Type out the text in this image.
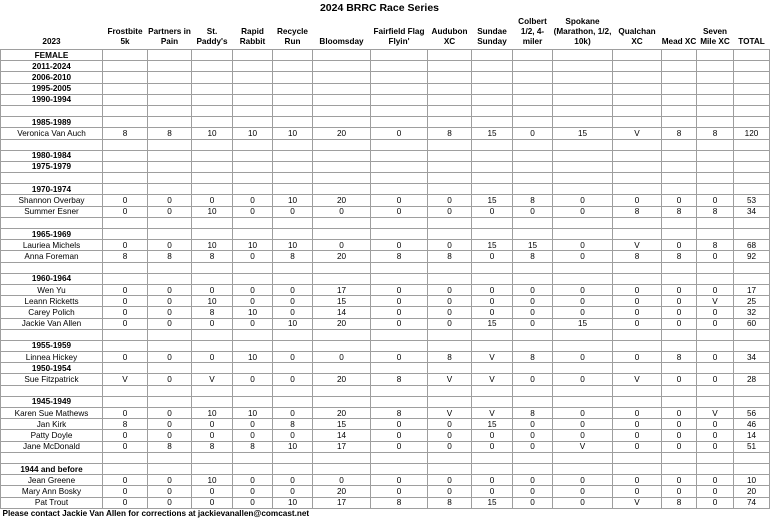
2024 BRRC Race Series
2023	Frostbite 5k	Partners in Pain	St. Paddy's	Rapid Rabbit	Recycle Run	Bloomsday	Fairfield Flag Flyin'	Audubon XC	Sundae Sunday	Colbert 1/2, 4-miler	Spokane (Marathon, 1/2, 10k)	Qualchan XC	Mead XC	Seven Mile XC	TOTAL
FEMALE															
2011-2024															
2006-2010															
1995-2005															
1990-1994															

1985-1989															
Veronica Van Auch	8	8	10	10	10	20	0	8	15	0	15	V	8	8	120

1980-1984															
1975-1979															

1970-1974															
Shannon Overbay	0	0	0	0	10	20	0	0	15	8	0	0	0	0	53
Summer Esner	0	0	10	0	0	0	0	0	0	0	0	8	8	8	34

1965-1969															
Lauriea Michels	0	0	10	10	10	0	0	0	15	15	0	V	0	8	68
Anna Foreman	8	8	8	0	8	20	8	8	0	8	0	8	8	0	92

1960-1964															
Wen Yu	0	0	0	0	0	17	0	0	0	0	0	0	0	0	17
Leann Ricketts	0	0	10	0	0	15	0	0	0	0	0	0	0	V	25
Carey Polich	0	0	8	10	0	14	0	0	0	0	0	0	0	0	32
Jackie Van Allen	0	0	0	0	10	20	0	0	15	0	15	0	0	0	60

1955-1959															
Linnea Hickey	0	0	0	10	0	0	0	8	V	8	0	0	8	0	34
1950-1954															
Sue Fitzpatrick	V	0	V	0	0	20	8	V	V	0	0	V	0	0	28

1945-1949															
Karen Sue Mathews	0	0	10	10	0	20	8	V	V	8	0	0	0	V	56
Jan Kirk	8	0	0	0	8	15	0	0	15	0	0	0	0	0	46
Patty Doyle	0	0	0	0	0	14	0	0	0	0	0	0	0	0	14
Jane McDonald	0	8	8	8	10	17	0	0	0	0	V	0	0	0	51

1944 and before															
Jean Greene	0	0	10	0	0	0	0	0	0	0	0	0	0	0	10
Mary Ann Bosky	0	0	0	0	0	20	0	0	0	0	0	0	0	0	20
Pat Trout	0	0	0	0	10	17	8	8	15	0	0	V	8	0	74
Please contact Jackie Van Allen for corrections at jackievanallen@comcast.net															
